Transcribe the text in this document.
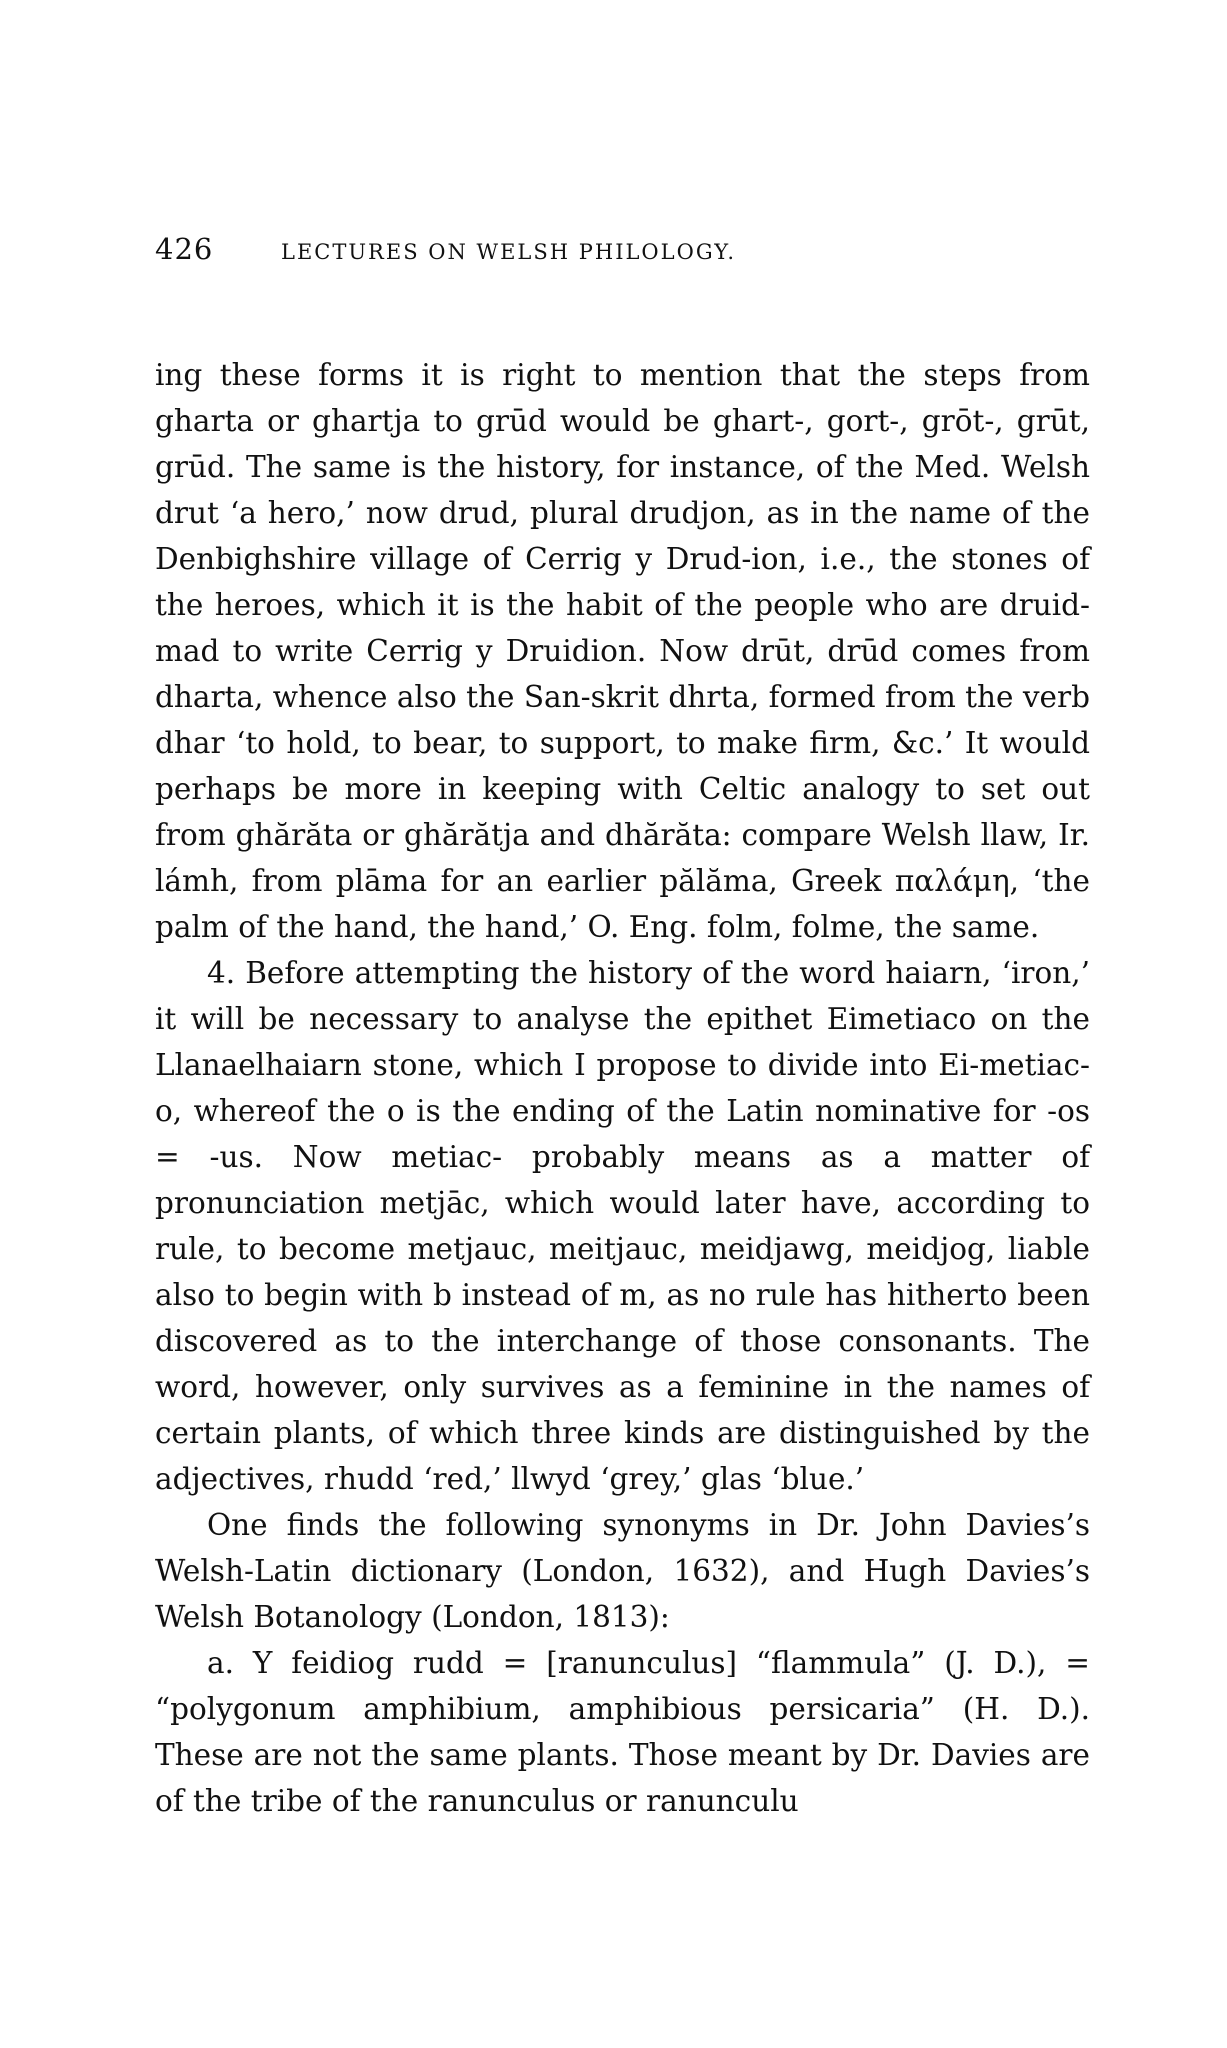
426	LECTURES ON WELSH PHILOLOGY.

ing these forms it is right to mention that the steps from gharta or ghartja to grūd would be ghart-, gort-, grōt-, grūt, grūd. The same is the history, for instance, of the Med. Welsh drut ‘a hero,’ now drud, plural drudjon, as in the name of the Denbighshire village of Cerrig y Drud-ion, i.e., the stones of the heroes, which it is the habit of the people who are druid-mad to write Cerrig y Druidion. Now drūt, drūd comes from dharta, whence also the San-skrit dhrta, formed from the verb dhar ‘to hold, to bear, to support, to make firm, &c.’ It would perhaps be more in keeping with Celtic analogy to set out from ghărăta or ghărătja and dhărăta: compare Welsh llaw, Ir. lámh, from plāma for an earlier pălăma, Greek παλάμη, ‘the palm of the hand, the hand,’ O. Eng. folm, folme, the same.

4. Before attempting the history of the word haiarn, ‘iron,’ it will be necessary to analyse the epithet Eimetiaco on the Llanaelhaiarn stone, which I propose to divide into Ei-metiac-o, whereof the o is the ending of the Latin nominative for -os = -us. Now metiac- probably means as a matter of pronunciation metjāc, which would later have, according to rule, to become metjauc, meitjauc, meidjawg, meidjog, liable also to begin with b instead of m, as no rule has hitherto been discovered as to the interchange of those consonants. The word, however, only survives as a feminine in the names of certain plants, of which three kinds are distinguished by the adjectives, rhudd ‘red,’ llwyd ‘grey,’ glas ‘blue.’

One finds the following synonyms in Dr. John Davies’s Welsh-Latin dictionary (London, 1632), and Hugh Davies’s Welsh Botanology (London, 1813):

a. Y feidiog rudd = [ranunculus] “flammula” (J. D.), = “polygonum amphibium, amphibious persicaria” (H. D.). These are not the same plants. Those meant by Dr. Davies are of the tribe of the ranunculus or ranunculu
